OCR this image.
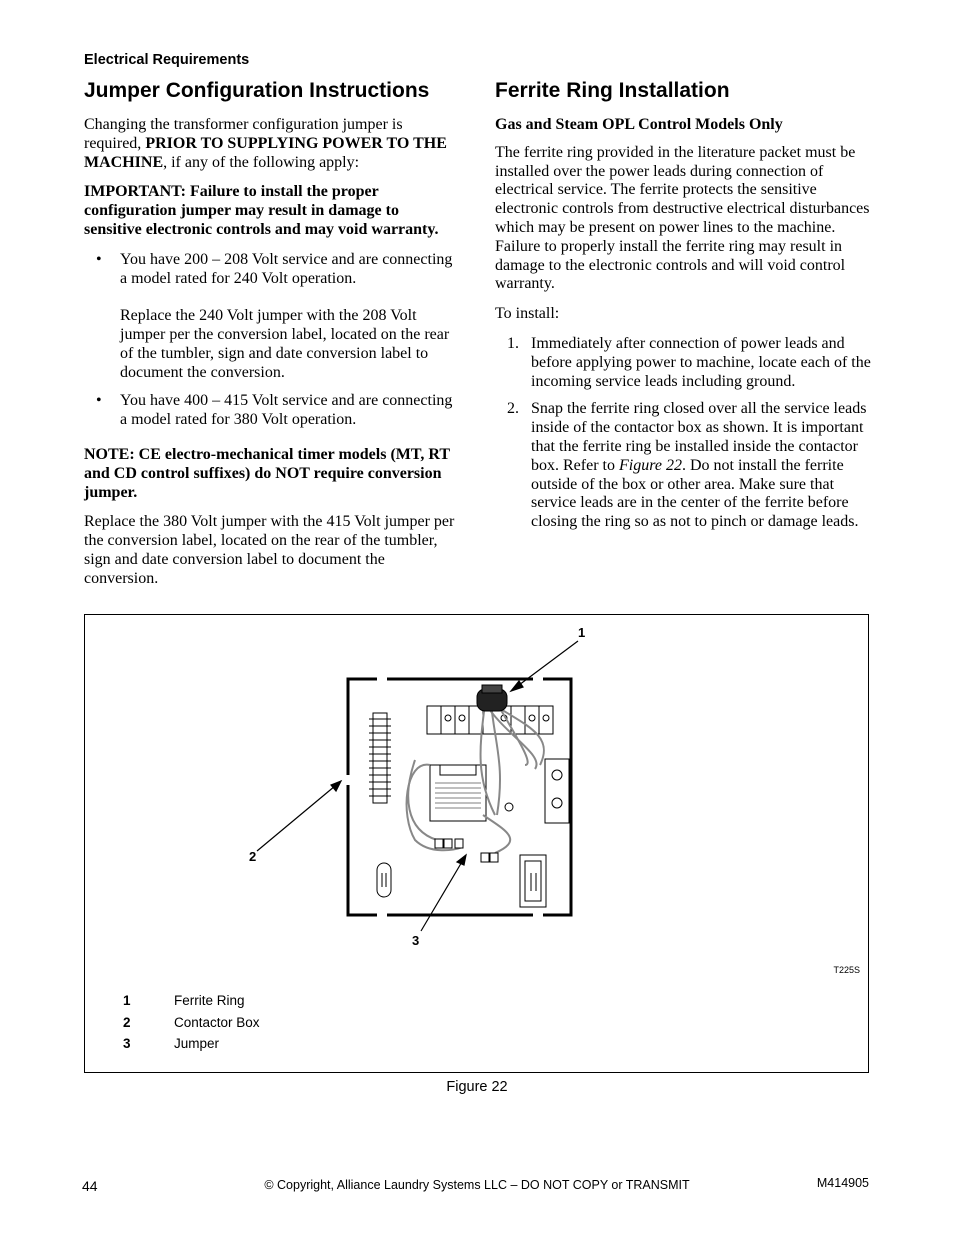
Electrical Requirements
Jumper Configuration Instructions

Changing the transformer configuration jumper is required, PRIOR TO SUPPLYING POWER TO THE MACHINE, if any of the following apply:

IMPORTANT: Failure to install the proper configuration jumper may result in damage to sensitive electronic controls and may void warranty.

• You have 200 – 208 Volt service and are connecting a model rated for 240 Volt operation.
Replace the 240 Volt jumper with the 208 Volt jumper per the conversion label, located on the rear of the tumbler, sign and date conversion label to document the conversion.
• You have 400 – 415 Volt service and are connecting a model rated for 380 Volt operation.

NOTE: CE electro-mechanical timer models (MT, RT and CD control suffixes) do NOT require conversion jumper.

Replace the 380 Volt jumper with the 415 Volt jumper per the conversion label, located on the rear of the tumbler, sign and date conversion label to document the conversion.

Ferrite Ring Installation

Gas and Steam OPL Control Models Only

The ferrite ring provided in the literature packet must be installed over the power leads during connection of electrical service. The ferrite protects the sensitive electronic controls from destructive electrical disturbances which may be present on power lines to the machine. Failure to properly install the ferrite ring may result in damage to the electronic controls and will void control warranty.

To install:

1. Immediately after connection of power leads and before applying power to machine, locate each of the incoming service leads including ground.
2. Snap the ferrite ring closed over all the service leads inside of the contactor box as shown. It is important that the ferrite ring be installed inside the contactor box. Refer to Figure 22. Do not install the ferrite outside of the box or other area. Make sure that service leads are in the center of the ferrite before closing the ring so as not to pinch or damage leads.
1
2
3
T225S
1	Ferrite Ring
2	Contactor Box
3	Jumper
Figure 22
44	© Copyright, Alliance Laundry Systems LLC – DO NOT COPY or TRANSMIT	M414905
